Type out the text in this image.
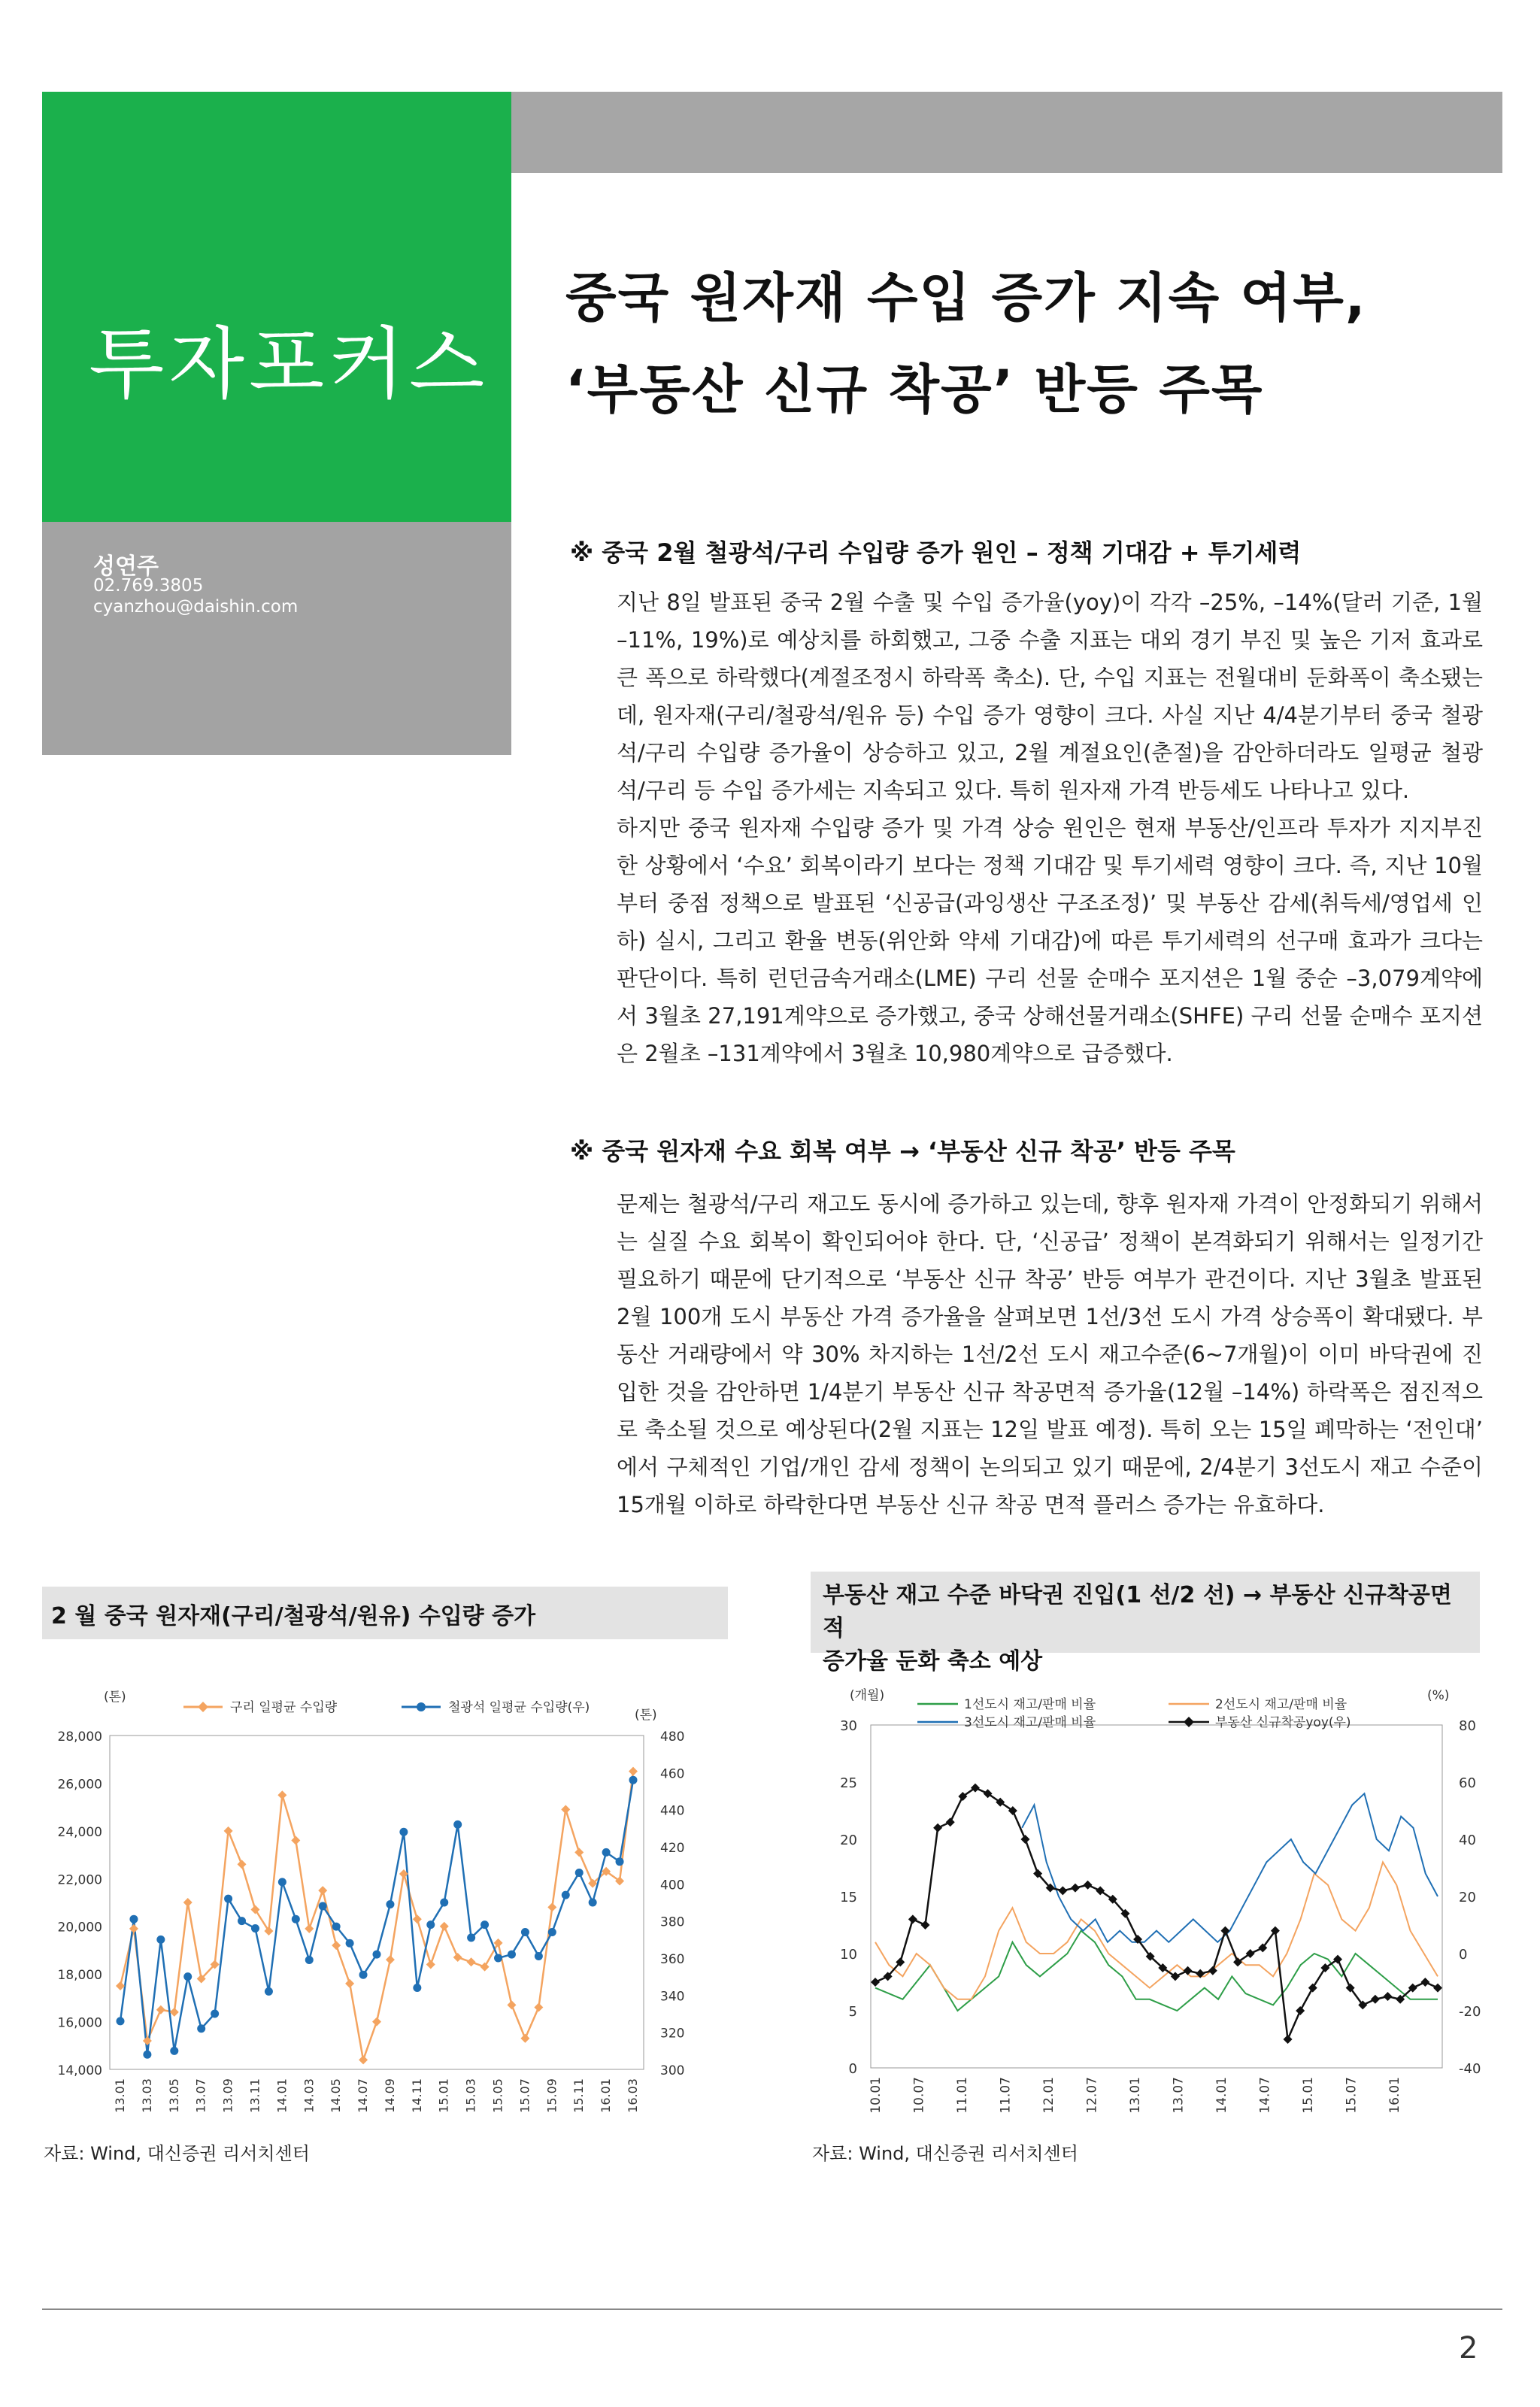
투자포커스
성연주
02.769.3805
cyanzhou@daishin.com
중국 원자재 수입 증가 지속 여부,
‘부동산 신규 착공’ 반등 주목
※ 중국 2월 철광석/구리 수입량 증가 원인 – 정책 기대감 + 투기세력

지난 8일 발표된 중국 2월 수출 및 수입 증가율(yoy)이 각각 –25%, –14%(달러 기준, 1월 –11%, 19%)로 예상치를 하회했고, 그중 수출 지표는 대외 경기 부진 및 높은 기저 효과로 큰 폭으로 하락했다(계절조정시 하락폭 축소). 단, 수입 지표는 전월대비 둔화폭이 축소됐는데, 원자재(구리/철광석/원유 등) 수입 증가 영향이 크다. 사실 지난 4/4분기부터 중국 철광석/구리 수입량 증가율이 상승하고 있고, 2월 계절요인(춘절)을 감안하더라도 일평균 철광석/구리 등 수입 증가세는 지속되고 있다. 특히 원자재 가격 반등세도 나타나고 있다.

하지만 중국 원자재 수입량 증가 및 가격 상승 원인은 현재 부동산/인프라 투자가 지지부진한 상황에서 ‘수요’ 회복이라기 보다는 정책 기대감 및 투기세력 영향이 크다. 즉, 지난 10월부터 중점 정책으로 발표된 ‘신공급(과잉생산 구조조정)’ 및 부동산 감세(취득세/영업세 인하) 실시, 그리고 환율 변동(위안화 약세 기대감)에 따른 투기세력의 선구매 효과가 크다는 판단이다. 특히 런던금속거래소(LME) 구리 선물 순매수 포지션은 1월 중순 –3,079계약에서 3월초 27,191계약으로 증가했고, 중국 상해선물거래소(SHFE) 구리 선물 순매수 포지션은 2월초 –131계약에서 3월초 10,980계약으로 급증했다.

※ 중국 원자재 수요 회복 여부 → ‘부동산 신규 착공’ 반등 주목

문제는 철광석/구리 재고도 동시에 증가하고 있는데, 향후 원자재 가격이 안정화되기 위해서는 실질 수요 회복이 확인되어야 한다. 단, ‘신공급’ 정책이 본격화되기 위해서는 일정기간 필요하기 때문에 단기적으로 ‘부동산 신규 착공’ 반등 여부가 관건이다. 지난 3월초 발표된 2월 100개 도시 부동산 가격 증가율을 살펴보면 1선/3선 도시 가격 상승폭이 확대됐다. 부동산 거래량에서 약 30% 차지하는 1선/2선 도시 재고수준(6~7개월)이 이미 바닥권에 진입한 것을 감안하면 1/4분기 부동산 신규 착공면적 증가율(12월 –14%) 하락폭은 점진적으로 축소될 것으로 예상된다(2월 지표는 12일 발표 예정). 특히 오는 15일 폐막하는 ‘전인대’ 에서 구체적인 기업/개인 감세 정책이 논의되고 있기 때문에, 2/4분기 3선도시 재고 수준이 15개월 이하로 하락한다면 부동산 신규 착공 면적 플러스 증가는 유효하다.

2 월 중국 원자재(구리/철광석/원유) 수입량 증가
14,000
16,000
18,000
20,000
22,000
24,000
26,000
28,000
300
320
340
360
380
400
420
440
460
480
(톤)
(톤)
구리 일평균 수입량	철광석 일평균 수입량(우)
13.01 13.03 13.05 13.07 13.09 13.11 14.01 14.03 14.05 14.07 14.09 14.11 15.01 15.03 15.05 15.07 15.09 15.11 16.01 16.03
자료: Wind, 대신증권 리서치센터
부동산 재고 수준 바닥권 진입(1 선/2 선) → 부동산 신규착공면적
증가율 둔화 축소 예상
0
5
10
15
20
25
30
-40
-20
0
20
40
60
80
(개월)	(%)
1선도시 재고/판매 비율	2선도시 재고/판매 비율
3선도시 재고/판매 비율	부동산 신규착공yoy(우)
10.01 10.07 11.01 11.07 12.01 12.07 13.01 13.07 14.01 14.07 15.01 15.07 16.01
자료: Wind, 대신증권 리서치센터
2
